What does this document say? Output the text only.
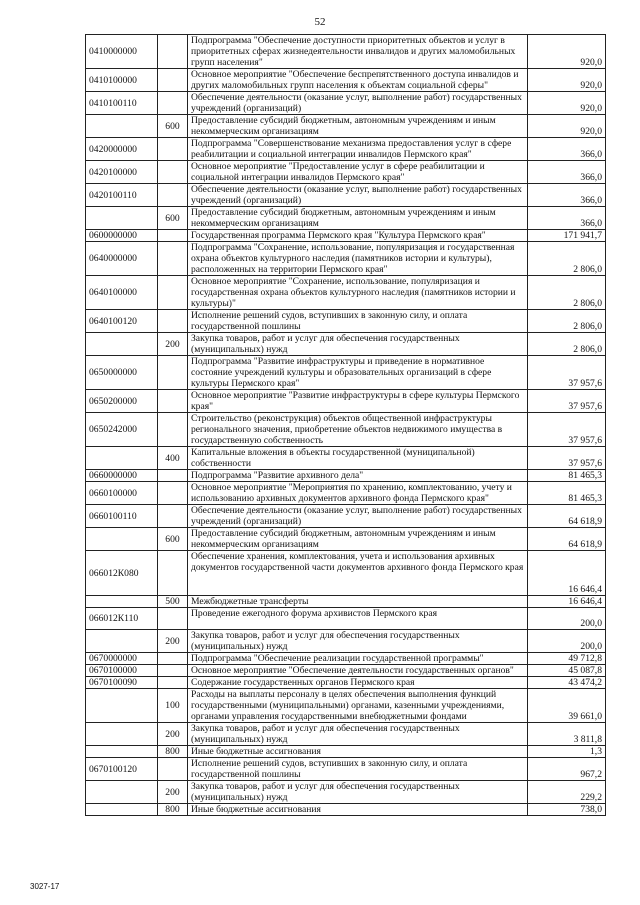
52
0410000000		Подпрограмма "Обеспечение доступности приоритетных объектов и услуг в приоритетных сферах жизнедеятельности инвалидов и других маломобильных групп населения"	920,0
0410100000		Основное мероприятие "Обеспечение беспрепятственного доступа инвалидов и других маломобильных групп населения к объектам социальной сферы"	920,0
0410100110		Обеспечение деятельности (оказание услуг, выполнение работ) государственных учреждений (организаций)	920,0
	600	Предоставление субсидий бюджетным, автономным учреждениям и иным некоммерческим организациям	920,0
0420000000		Подпрограмма "Совершенствование механизма предоставления услуг в сфере реабилитации и социальной интеграции инвалидов Пермского края"	366,0
0420100000		Основное мероприятие "Предоставление услуг в сфере реабилитации и социальной интеграции инвалидов Пермского края"	366,0
0420100110		Обеспечение деятельности (оказание услуг, выполнение работ) государственных учреждений (организаций)	366,0
	600	Предоставление субсидий бюджетным, автономным учреждениям и иным некоммерческим организациям	366,0
0600000000		Государственная программа Пермского края "Культура Пермского края"	171 941,7
0640000000		Подпрограмма "Сохранение, использование, популяризация и государственная охрана объектов культурного наследия (памятников истории и культуры), расположенных на территории Пермского края"	2 806,0
0640100000		Основное мероприятие "Сохранение, использование, популяризация и государственная охрана объектов культурного наследия (памятников истории и культуры)"	2 806,0
0640100120		Исполнение решений судов, вступивших в законную силу, и оплата государственной пошлины	2 806,0
	200	Закупка товаров, работ и услуг для обеспечения государственных (муниципальных) нужд	2 806,0
0650000000		Подпрограмма "Развитие инфраструктуры и приведение в нормативное состояние учреждений культуры и образовательных организаций в сфере культуры Пермского края"	37 957,6
0650200000		Основное мероприятие "Развитие инфраструктуры в сфере культуры Пермского края"	37 957,6
0650242000		Строительство (реконструкция) объектов общественной инфраструктуры регионального значения, приобретение объектов недвижимого имущества в государственную собственность	37 957,6
	400	Капитальные вложения в объекты государственной (муниципальной) собственности	37 957,6
0660000000		Подпрограмма "Развитие архивного дела"	81 465,3
0660100000		Основное мероприятие "Мероприятия по хранению, комплектованию, учету и использованию архивных документов архивного фонда Пермского края"	81 465,3
0660100110		Обеспечение деятельности (оказание услуг, выполнение работ) государственных учреждений (организаций)	64 618,9
	600	Предоставление субсидий бюджетным, автономным учреждениям и иным некоммерческим организациям	64 618,9
066012К080		Обеспечение хранения, комплектования, учета и использования архивных документов государственной части документов архивного фонда Пермского края	16 646,4
	500	Межбюджетные трансферты	16 646,4
066012К110		Проведение ежегодного форума архивистов Пермского края	200,0
	200	Закупка товаров, работ и услуг для обеспечения государственных (муниципальных) нужд	200,0
0670000000		Подпрограмма "Обеспечение реализации государственной программы"	49 712,8
0670100000		Основное мероприятие "Обеспечение деятельности государственных органов"	45 087,8
0670100090		Содержание государственных органов Пермского края	43 474,2
	100	Расходы на выплаты персоналу в целях обеспечения выполнения функций государственными (муниципальными) органами, казенными учреждениями, органами управления государственными внебюджетными фондами	39 661,0
	200	Закупка товаров, работ и услуг для обеспечения государственных (муниципальных) нужд	3 811,8
	800	Иные бюджетные ассигнования	1,3
0670100120		Исполнение решений судов, вступивших в законную силу, и оплата государственной пошлины	967,2
	200	Закупка товаров, работ и услуг для обеспечения государственных (муниципальных) нужд	229,2
	800	Иные бюджетные ассигнования	738,0
3027-17
